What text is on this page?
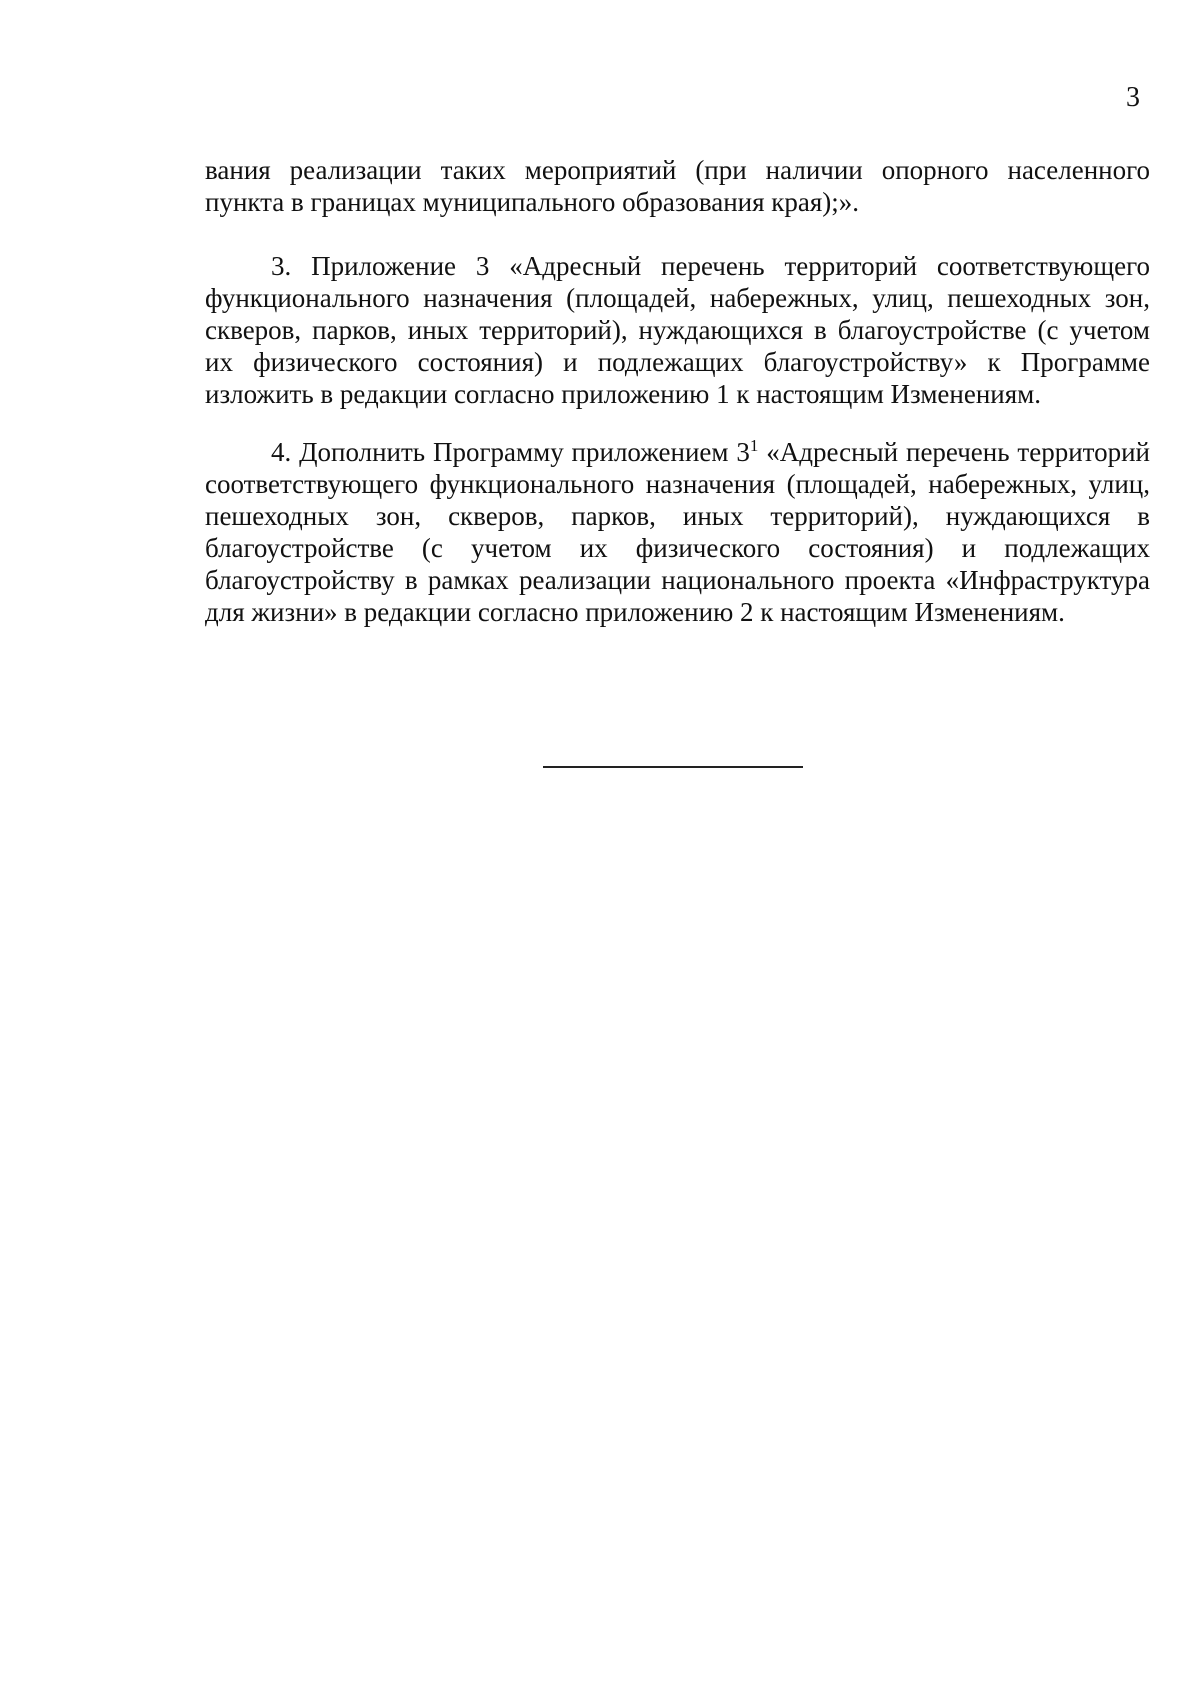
3

вания реализации таких мероприятий (при наличии опорного населенного пункта в границах муниципального образования края);».

3. Приложение 3 «Адресный перечень территорий соответствующего функционального назначения (площадей, набережных, улиц, пешеходных зон, скверов, парков, иных территорий), нуждающихся в благоустройстве (с учетом их физического состояния) и подлежащих благоустройству» к Программе изложить в редакции согласно приложению 1 к настоящим Изменениям.

4. Дополнить Программу приложением $3^1$ «Адресный перечень территорий соответствующего функционального назначения (площадей, набережных, улиц, пешеходных зон, скверов, парков, иных территорий), нуждающихся в благоустройстве (с учетом их физического состояния) и подлежащих благоустройству в рамках реализации национального проекта «Инфраструктура для жизни» в редакции согласно приложению 2 к настоящим Изменениям.
